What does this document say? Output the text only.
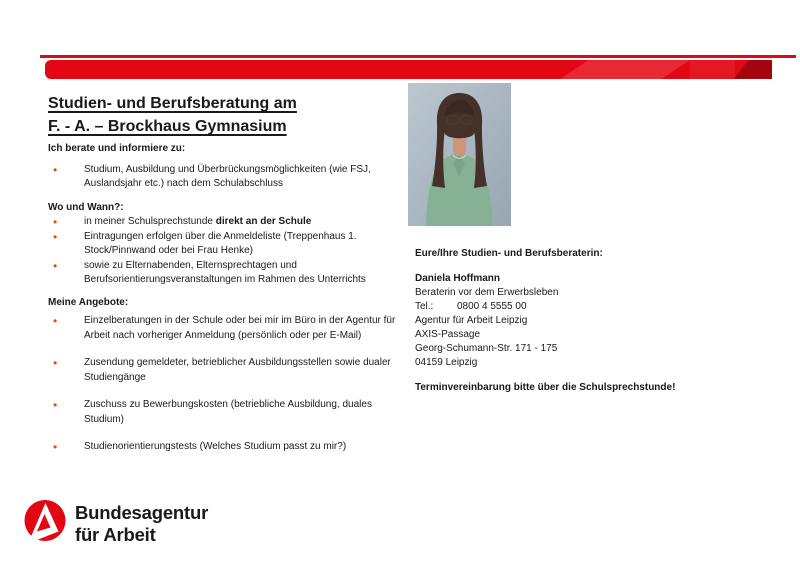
Studien- und Berufsberatung am
F. - A. – Brockhaus Gymnasium
Ich berate und informiere zu:
•	Studium, Ausbildung und Überbrückungsmöglichkeiten (wie FSJ, Auslandsjahr etc.) nach dem Schulabschluss
Wo und Wann?:
•	in meiner Schulsprechstunde direkt an der Schule
•	Eintragungen erfolgen über die Anmeldeliste (Treppenhaus 1. Stock/Pinnwand oder bei Frau Henke)
•	sowie zu Elternabenden, Elternsprechtagen und Berufsorientierungsveranstaltungen im Rahmen des Unterrichts
Meine Angebote:
•	Einzelberatungen in der Schule oder bei mir im Büro in der Agentur für Arbeit nach vorheriger Anmeldung (persönlich oder per E-Mail)
•	Zusendung gemeldeter, betrieblicher Ausbildungsstellen sowie dualer Studiengänge
•	Zuschuss zu Bewerbungskosten (betriebliche Ausbildung, duales Studium)
•	Studienorientierungstests (Welches Studium passt zu mir?)
Eure/Ihre Studien- und Berufsberaterin:
Daniela Hoffmann
Beraterin vor dem Erwerbsleben
Tel.: 0800 4 5555 00
Agentur für Arbeit Leipzig
AXIS-Passage
Georg-Schumann-Str. 171 - 175
04159 Leipzig
Terminvereinbarung bitte über die Schulsprechstunde!
Bundesagentur
für Arbeit
